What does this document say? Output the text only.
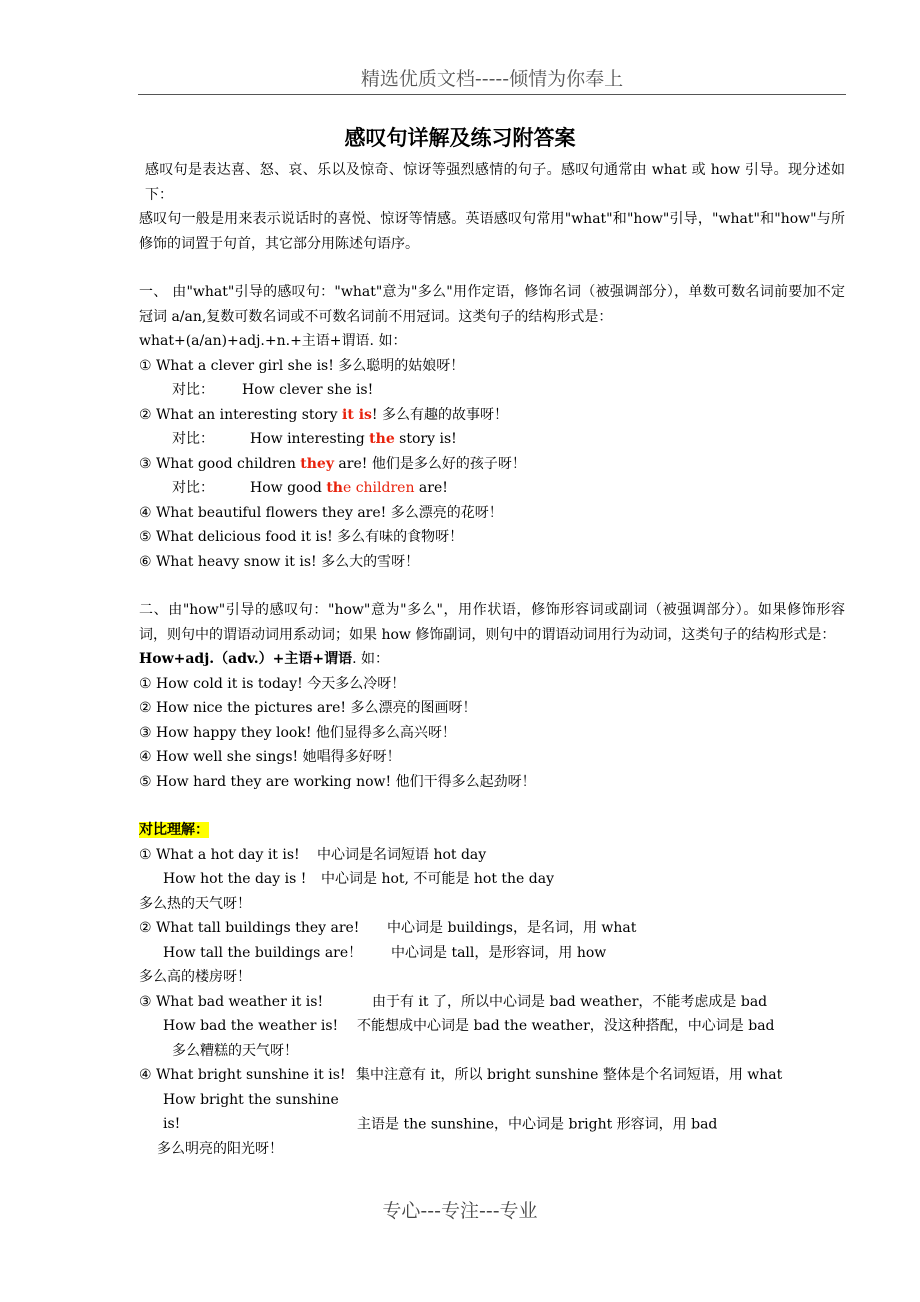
精选优质文档-----倾情为你奉上
感叹句详解及练习附答案

感叹句是表达喜、怒、哀、乐以及惊奇、惊讶等强烈感情的句子。感叹句通常由 what 或 how 引导。现分述如下：

感叹句一般是用来表示说话时的喜悦、惊讶等情感。英语感叹句常用"what"和"how"引导，"what"和"how"与所修饰的词置于句首，其它部分用陈述句语序。

一、 由"what"引导的感叹句："what"意为"多么"用作定语，修饰名词（被强调部分），单数可数名词前要加不定冠词 a/an,复数可数名词或不可数名词前不用冠词。这类句子的结构形式是：

what+(a/an)+adj.+n.+主语+谓语. 如：

① What a clever girl she is! 多么聪明的姑娘呀！

对比： How clever she is!

② What an interesting story it is! 多么有趣的故事呀！

对比：	How interesting the story is!

③ What good children they are! 他们是多么好的孩子呀！

对比：	How good the children are!

④ What beautiful flowers they are! 多么漂亮的花呀！

⑤ What delicious food it is! 多么有味的食物呀！

⑥ What heavy snow it is! 多么大的雪呀！

二、由"how"引导的感叹句："how"意为"多么"，用作状语，修饰形容词或副词（被强调部分）。如果修饰形容词，则句中的谓语动词用系动词；如果 how 修饰副词，则句中的谓语动词用行为动词，这类句子的结构形式是：

How+adj.（adv.）+主语+谓语. 如：

① How cold it is today! 今天多么冷呀！

② How nice the pictures are! 多么漂亮的图画呀！

③ How happy they look! 他们显得多么高兴呀！

④ How well she sings! 她唱得多好呀！

⑤ How hard they are working now! 他们干得多么起劲呀！

对比理解：

① What a hot day it is! 中心词是名词短语 hot day

How hot the day is ! 中心词是 hot, 不可能是 hot the day

多么热的天气呀！

② What tall buildings they are! 中心词是 buildings，是名词，用 what

How tall the buildings are！ 中心词是 tall，是形容词，用 how

多么高的楼房呀！

③ What bad weather it is!	由于有 it 了，所以中心词是 bad weather，不能考虑成是 bad

How bad the weather is! 不能想成中心词是 bad the weather，没这种搭配，中心词是 bad

多么糟糕的天气呀！

④ What bright sunshine it is! 集中注意有 it，所以 bright sunshine 整体是个名词短语，用 what

How bright the sunshine is!	主语是 the sunshine，中心词是 bright 形容词，用 bad

多么明亮的阳光呀！

专心---专注---专业
